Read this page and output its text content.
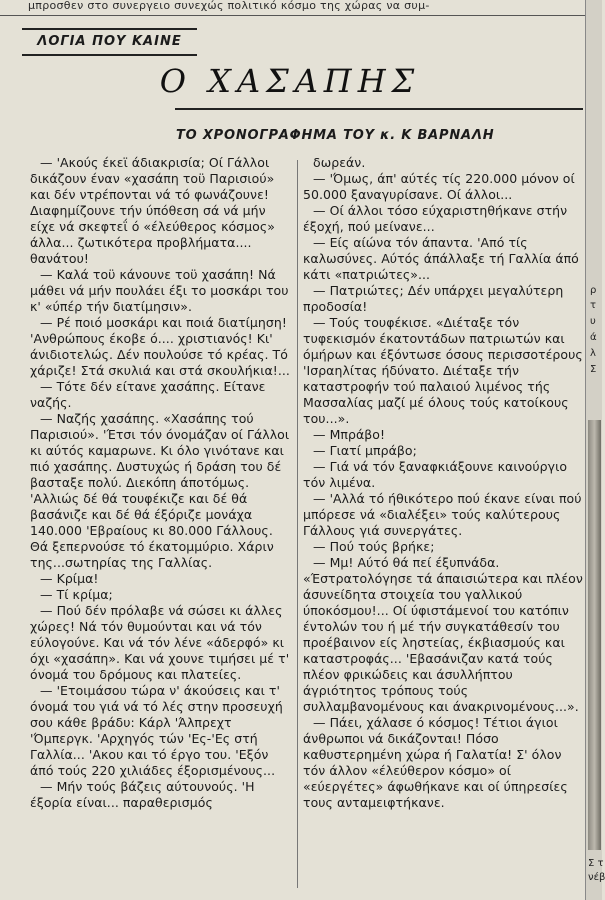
μπροσθεν στο συνεργειο συνεχώς πολιτικό κόσμο της χώρας να συμ-
ΛΟΓΙΑ ΠΟΥ ΚΑΙΝΕ
Ο ΧΑΣΑΠΗΣ
ΤΟ ΧΡΟΝΟΓΡΑΦΗΜΑ ΤΟΥ κ. Κ ΒΑΡΝΑΛΗ

— 'Ακούς έκεϊ άδιακρισία; Οί Γάλλοι δικάζουν έναν «χασάπη τοϋ Παρισιού» και δέν ντρέπονται νά τό φωνάζουνε! Διαφημίζουνε τήν ύπόθεση σά νά μήν είχε νά σκεφτεΐ ό «έλεύθερος κόσμος» άλλα... ζωτικότερα προβλήματα.... θανάτου!

— Καλά τοϋ κάνουνε τοϋ χασάπη! Νά μάθει νά μήν πουλάει έξι το μοσκάρι του κ' «ύπέρ τήν διατίμησιν».

— Ρέ ποιό μοσκάρι και ποιά διατίμηση! 'Ανθρώπους έκοβε ό.... χριστιανός! Κι' άνιδιοτελώς. Δέν πουλούσε τό κρέας. Τό χάριζε! Στά σκυλιά και στά σκουλήκια!...

— Τότε δέν είτανε χασάπης. Είτανε ναζής.

— Ναζής χασάπης. «Χασάπης τού Παρισιού». 'Έτσι τόν όνομάζαν οί Γάλλοι κι αύτός καμαρωνε. Κι όλο γινότανε και πιό χασάπης. Δυστυχώς ή δράση του δέ βασταξε πολύ. Διεκόπη άποτόμως. 'Αλλιώς δέ θά τουφέκιζε και δέ θά βασάνιζε και δέ θά έξόριζε μονάχα 140.000 'Εβραίους κι 80.000 Γάλλους. Θά ξεπερνούσε τό έκατομμύριο. Χάριν της...σωτηρίας της Γαλλίας.

— Κρίμα!

— Τί κρίμα;

— Πού δέν πρόλαβε νά σώσει κι άλλες χώρες! Νά τόν θυμούνται και νά τόν εύλογούνε. Και νά τόν λένε «άδερφό» κι όχι «χασάπη». Και νά χουνε τιμήσει μέ τ' όνομά του δρόμους και πλατείες.

— 'Ετοιμάσου τώρα ν' άκούσεις και τ' όνομά του γιά νά τό λές στην προσευχή σου κάθε βράδυ: Κάρλ 'Άλπρεχτ 'Όμπεργκ. 'Αρχηγός τών 'Ες-'Ες στή Γαλλία... 'Ακου και τό έργο του. 'Εξόν άπό τούς 220 χιλιάδες έξορισμένους...

— Μήν τούς βάζεις αύτουνούς. 'Η έξορία είναι... παραθερισμός

δωρεάν.

— 'Όμως, άπ' αύτές τίς 220.000 μόνον οί 50.000 ξαναγυρίσανε. Οί άλλοι...

— Οί άλλοι τόσο εύχαριστηθήκανε στήν έξοχή, πού μείνανε...

— Είς αίώνα τόν άπαντα. 'Από τίς καλωσύνες. Αύτός άπάλλαξε τή Γαλλία άπό κάτι «πατριώτες»...

— Πατριώτες; Δέν υπάρχει μεγαλύτερη προδοσία!

— Τούς τουφέκισε. «Διέταξε τόν τυφεκισμόν έκατοντάδων πατριωτών και όμήρων και έξόντωσε όσους περισσοτέρους 'Ισραηλίτας ήδύνατο. Διέταξε τήν καταστροφήν τού παλαιού λιμένος τής Μασσαλίας μαζί μέ όλους τούς κατοίκους του...».

— Μπράβο!

— Γιατί μπράβο;

— Γιά νά τόν ξαναφκιάξουνε καινούργιο τόν λιμένα.

— 'Αλλά τό ήθικότερο πού έκανε είναι πού μπόρεσε νά «διαλέξει» τούς καλύτερους Γάλλους γιά συνεργάτες.

— Πού τούς βρήκε;

— Μμ! Αύτό θά πεί έξυπνάδα. «Έστρατολόγησε τά άπαισιώτερα και πλέον άσυνείδητα στοιχεία του γαλλικού ύποκόσμου!... Οί ύφιστάμενοί του κατόπιν έντολών του ή μέ τήν συγκατάθεσίν του προέβαινον είς ληστείας, έκβιασμούς και καταστροφάς... 'Εβασάνιζαν κατά τούς πλέον φρικώδεις και άσυλλήπτου άγριότητος τρόπους τούς συλλαμβανομένους και άνακρινομένους...».

— Πάει, χάλασε ό κόσμος! Τέτιοι άγιοι άνθρωποι νά δικάζονται! Πόσο καθυστερημένη χώρα ή Γαλατία! Σ' όλον τόν άλλον «έλεύθερον κόσμο» οί «εύεργέτες» άφωθήκανε και οί ύπηρεσίες τους ανταμειφτήκανε.

ρ
τ
υ
ά
λ
Σ
Σ τ
νέβ
